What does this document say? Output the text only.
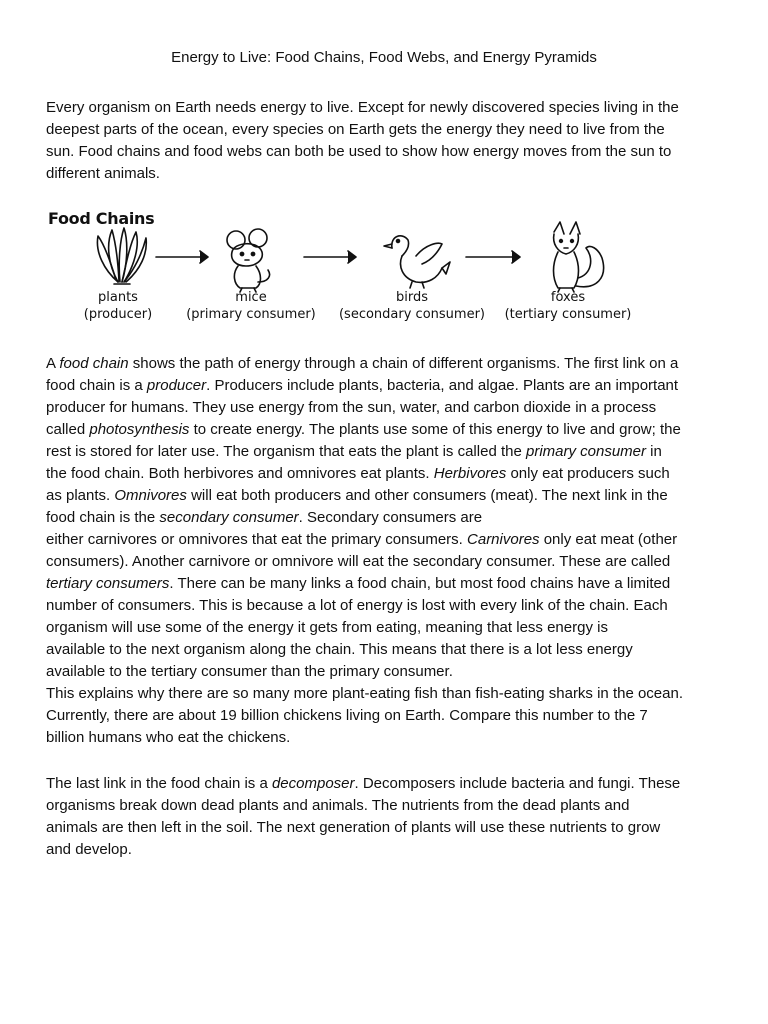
Energy to Live: Food Chains, Food Webs, and Energy Pyramids
Every organism on Earth needs energy to live. Except for newly discovered species living in the
deepest parts of the ocean, every species on Earth gets the energy they need to live from the
sun. Food chains and food webs can both be used to show how energy moves from the sun to
different animals.
Food Chains
plants
(producer)
mice
(primary consumer)
birds
(secondary consumer)
foxes
(tertiary consumer)
A food chain shows the path of energy through a chain of different organisms. The first link on a
food chain is a producer. Producers include plants, bacteria, and algae. Plants are an important
producer for humans. They use energy from the sun, water, and carbon dioxide in a process
called photosynthesis to create energy. The plants use some of this energy to live and grow; the
rest is stored for later use. The organism that eats the plant is called the primary consumer in
the food chain. Both herbivores and omnivores eat plants. Herbivores only eat producers such
as plants. Omnivores will eat both producers and other consumers (meat). The next link in the
food chain is the secondary consumer. Secondary consumers are
either carnivores or omnivores that eat the primary consumers. Carnivores only eat meat (other
consumers). Another carnivore or omnivore will eat the secondary consumer. These are called
tertiary consumers. There can be many links a food chain, but most food chains have a limited
number of consumers. This is because a lot of energy is lost with every link of the chain. Each
organism will use some of the energy it gets from eating, meaning that less energy is
available to the next organism along the chain. This means that there is a lot less energy
available to the tertiary consumer than the primary consumer.
This explains why there are so many more plant-eating fish than fish-eating sharks in the ocean.
Currently, there are about 19 billion chickens living on Earth. Compare this number to the 7
billion humans who eat the chickens.
The last link in the food chain is a decomposer. Decomposers include bacteria and fungi. These
organisms break down dead plants and animals. The nutrients from the dead plants and
animals are then left in the soil. The next generation of plants will use these nutrients to grow
and develop.
